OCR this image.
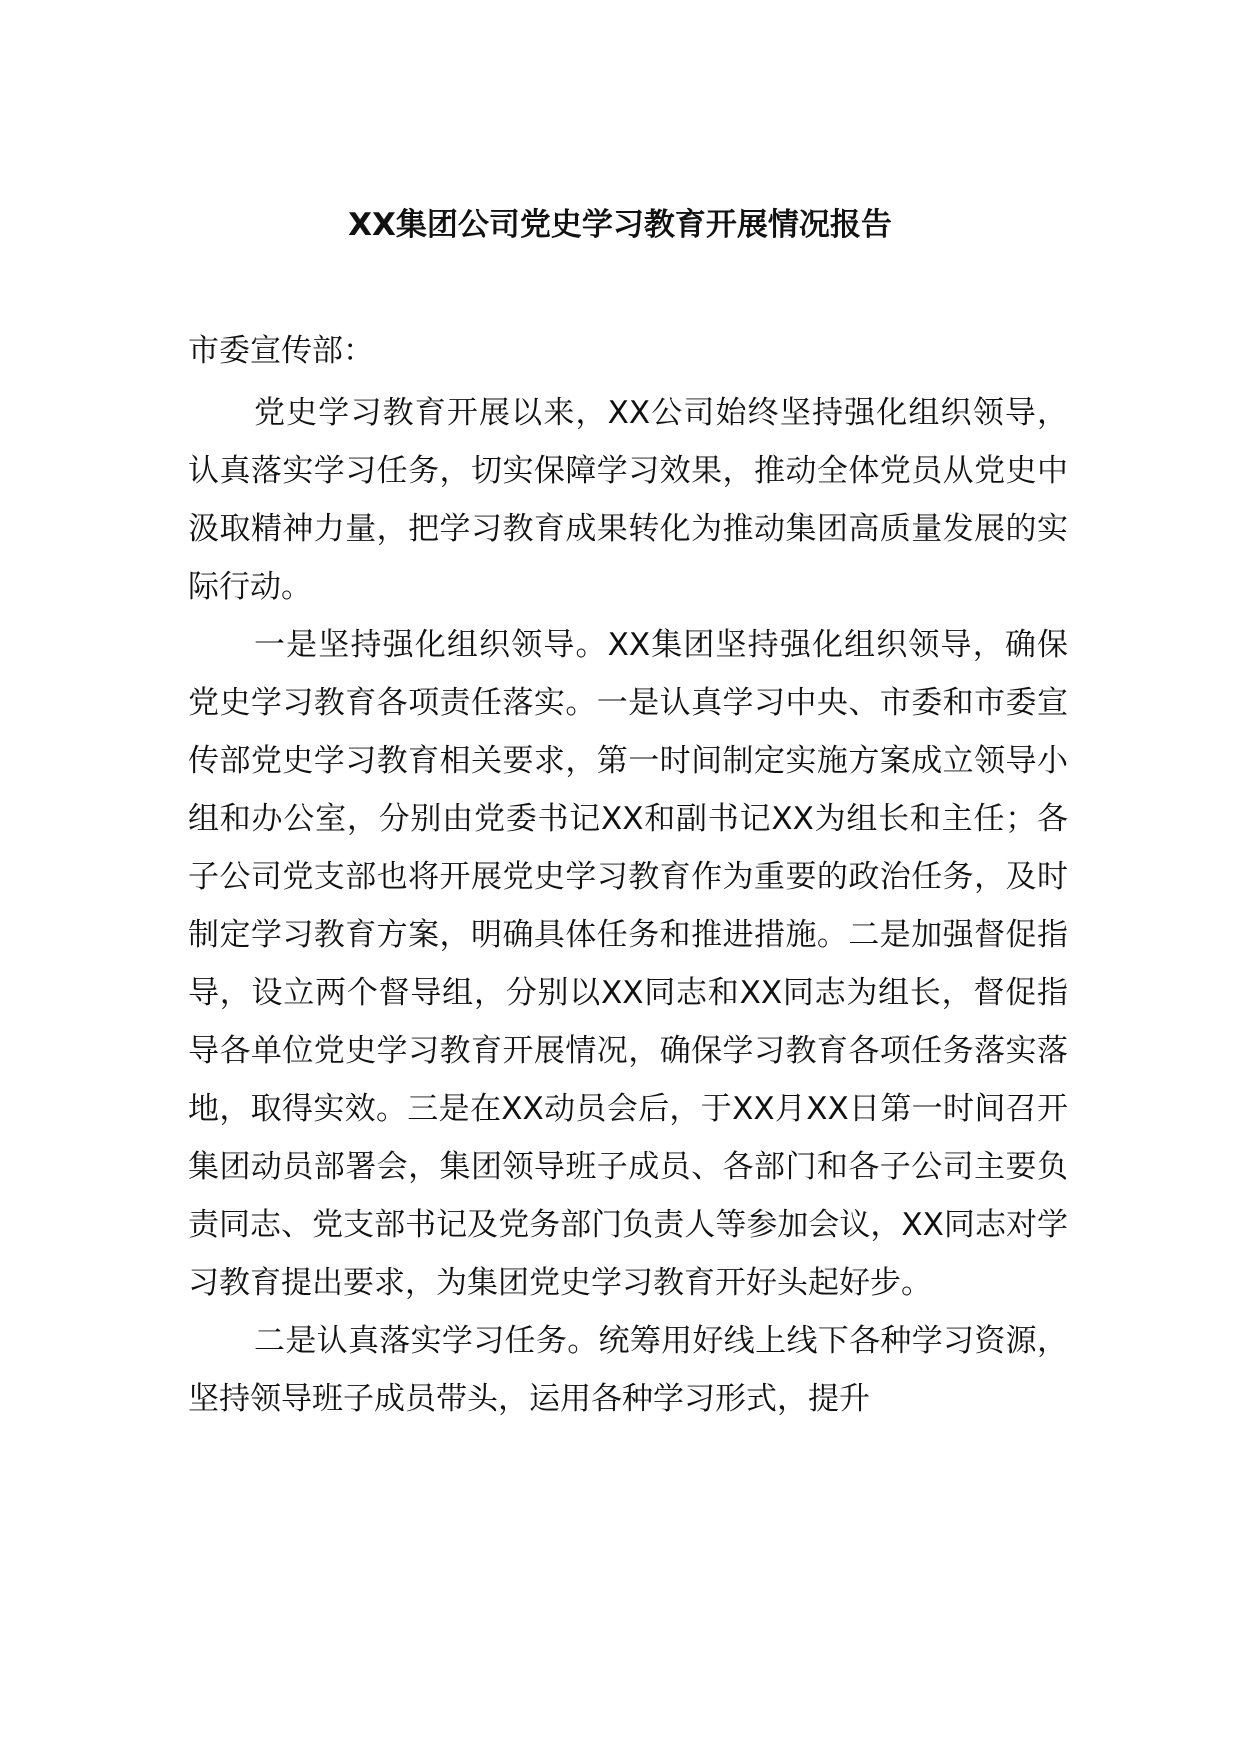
XX集团公司党史学习教育开展情况报告

市委宣传部：

党史学习教育开展以来，XX公司始终坚持强化组织领导，认真落实学习任务，切实保障学习效果，推动全体党员从党史中汲取精神力量，把学习教育成果转化为推动集团高质量发展的实际行动。

一是坚持强化组织领导。XX集团坚持强化组织领导，确保党史学习教育各项责任落实。一是认真学习中央、市委和市委宣传部党史学习教育相关要求，第一时间制定实施方案成立领导小组和办公室，分别由党委书记XX和副书记XX为组长和主任；各子公司党支部也将开展党史学习教育作为重要的政治任务，及时制定学习教育方案，明确具体任务和推进措施。二是加强督促指导，设立两个督导组，分别以XX同志和XX同志为组长，督促指导各单位党史学习教育开展情况，确保学习教育各项任务落实落地，取得实效。三是在XX动员会后，于XX月XX日第一时间召开集团动员部署会，集团领导班子成员、各部门和各子公司主要负责同志、党支部书记及党务部门负责人等参加会议，XX同志对学习教育提出要求，为集团党史学习教育开好头起好步。

二是认真落实学习任务。统筹用好线上线下各种学习资源，坚持领导班子成员带头，运用各种学习形式，提升
